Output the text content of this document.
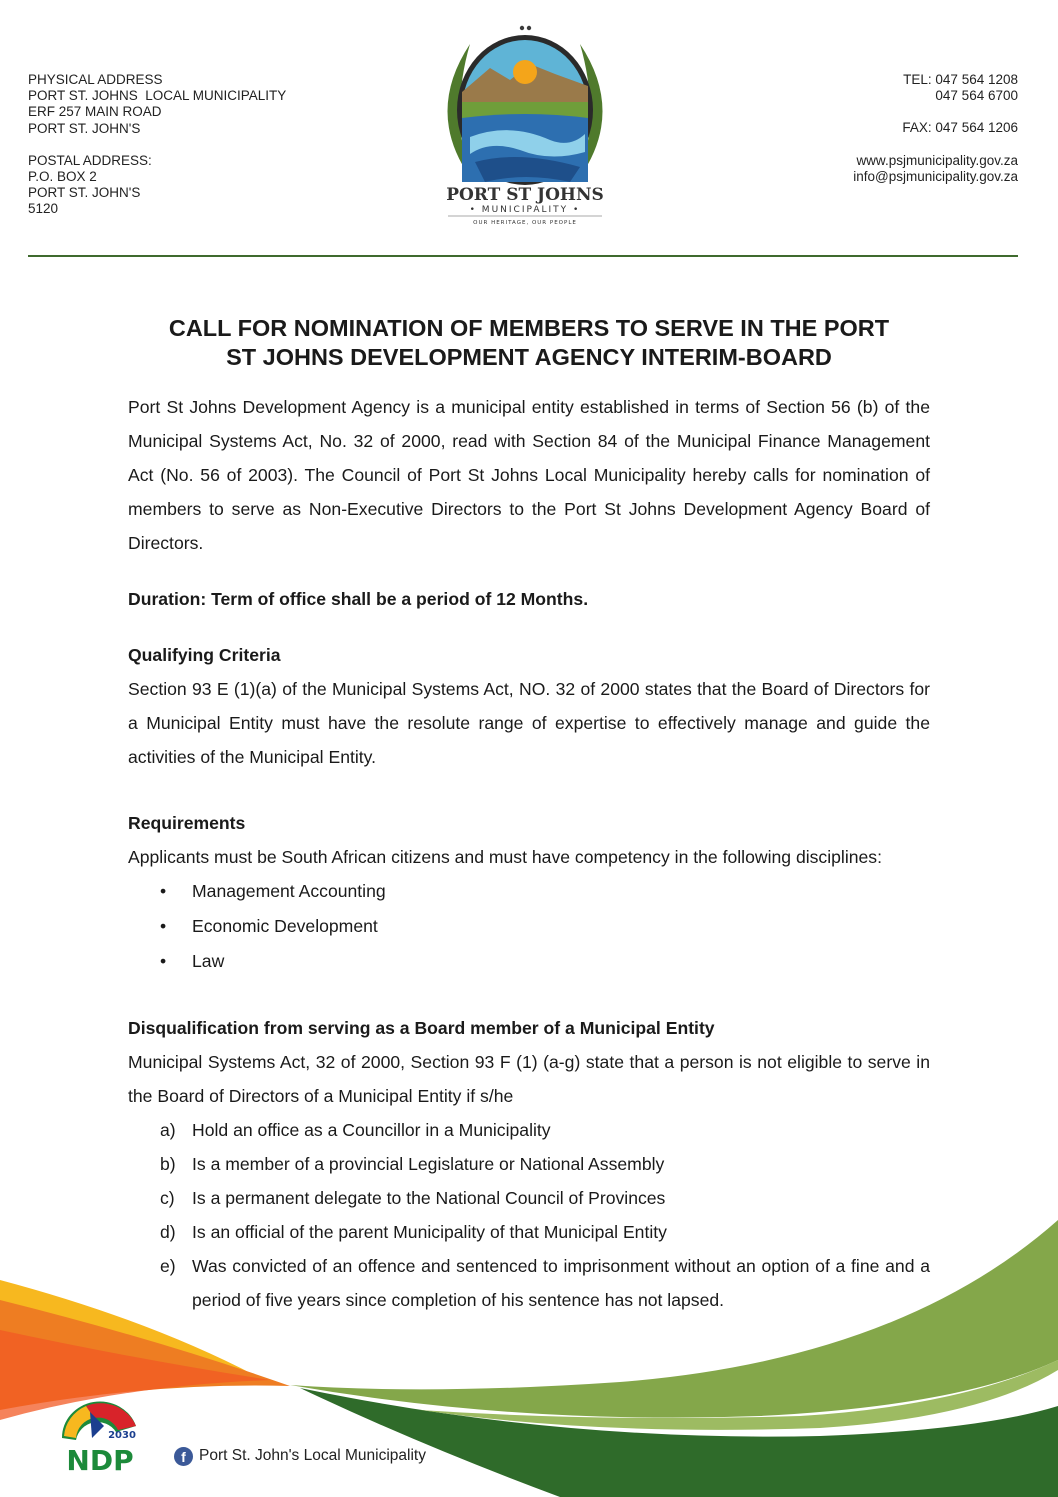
PHYSICAL ADDRESS
PORT ST. JOHNS  LOCAL MUNICIPALITY
ERF 257 MAIN ROAD
PORT ST. JOHN'S
POSTAL ADDRESS:
P.O. BOX 2
PORT ST. JOHN'S
5120
PORT ST JOHNS
• MUNICIPALITY •
OUR HERITAGE, OUR PEOPLE
TEL: 047 564 1208
047 564 6700
FAX: 047 564 1206
www.psjmunicipality.gov.za
info@psjmunicipality.gov.za
CALL FOR NOMINATION OF MEMBERS TO SERVE IN THE PORT
ST JOHNS DEVELOPMENT AGENCY INTERIM-BOARD

Port St Johns Development Agency is a municipal entity established in terms of Section 56 (b) of the Municipal Systems Act, No. 32 of 2000, read with Section 84 of the Municipal Finance Management Act (No. 56 of 2003). The Council of Port St Johns Local Municipality hereby calls for nomination of members to serve as Non-Executive Directors to the Port St Johns Development Agency Board of Directors.

Duration: Term of office shall be a period of 12 Months.

Qualifying Criteria

Section 93 E (1)(a) of the Municipal Systems Act, NO. 32 of 2000 states that the Board of Directors for a Municipal Entity must have the resolute range of expertise to effectively manage and guide the activities of the Municipal Entity.

Requirements

Applicants must be South African citizens and must have competency in the following disciplines:

• Management Accounting
• Economic Development
• Law

Disqualification from serving as a Board member of a Municipal Entity

Municipal Systems Act, 32 of 2000, Section 93 F (1) (a-g) state that a person is not eligible to serve in the Board of Directors of a Municipal Entity if s/he

a) Hold an office as a Councillor in a Municipality
b) Is a member of a provincial Legislature or National Assembly
c) Is a permanent delegate to the National Council of Provinces
d) Is an official of the parent Municipality of that Municipal Entity
e) Was convicted of an offence and sentenced to imprisonment without an option of a fine and a period of five years since completion of his sentence has not lapsed.
2030
NDP	f Port St. John's Local Municipality
